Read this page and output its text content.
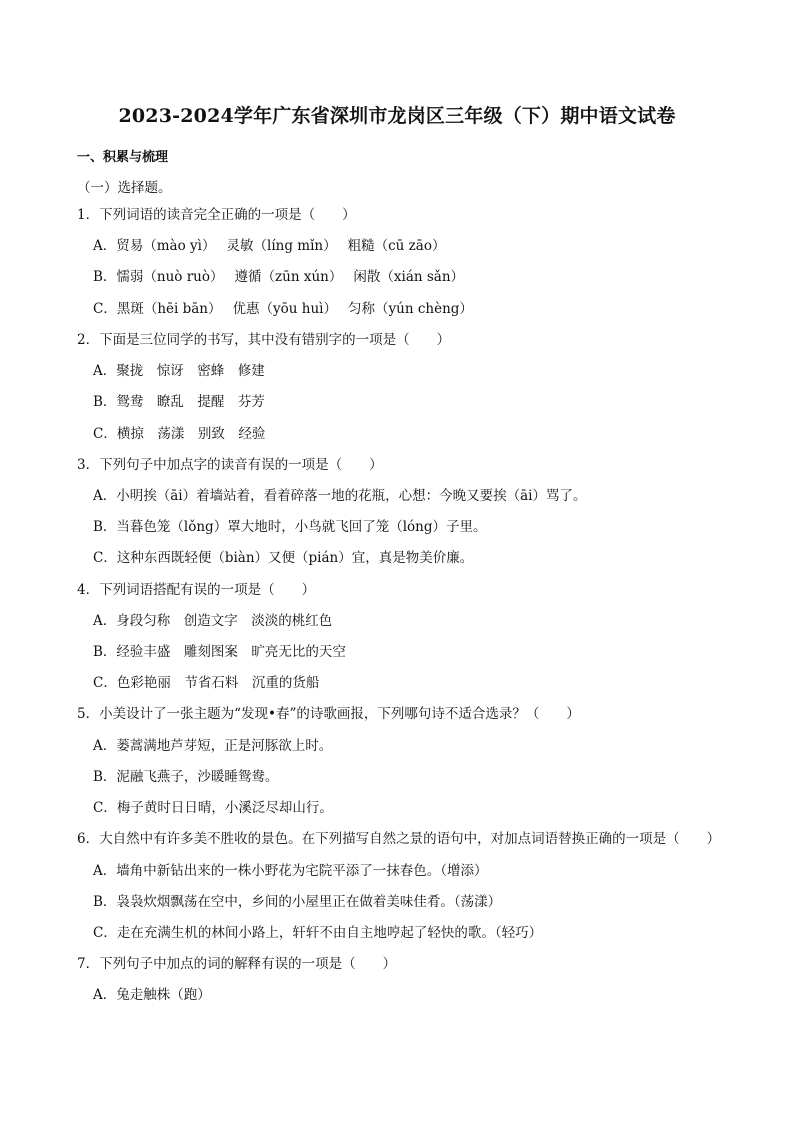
2023-2024学年广东省深圳市龙岗区三年级（下）期中语文试卷
一、积累与梳理
（一）选择题。
1．下列词语的读音完全正确的一项是（　　）
A．贸易（mào yì）　 灵敏（líng mǐn）　 粗糙（cū zāo）
B．懦弱（nuò ruò）　 遵循（zūn xún）　 闲散（xián sǎn）
C．黑斑（hēi bān）　 优惠（yōu huì）　 匀称（yún chèng）
2．下面是三位同学的书写，其中没有错别字的一项是（　　）
A．聚拢　惊讶　密蜂　修建
B．鸳鸯　瞭乱　提醒　芬芳
C．横掠　荡漾　别致　经验
3．下列句子中加点字的读音有误的一项是（　　）
A．小明挨（āi）着墙站着，看着碎落一地的花瓶，心想：今晚又要挨（āi）骂了。
B．当暮色笼（lǒng）罩大地时，小鸟就飞回了笼（lóng）子里。
C．这种东西既轻便（biàn）又便（pián）宜，真是物美价廉。
4．下列词语搭配有误的一项是（　　）
A．身段匀称　创造文字　淡淡的桃红色
B．经验丰盛　雕刻图案　旷亮无比的天空
C．色彩艳丽　节省石料　沉重的货船
5．小美设计了一张主题为“发现•春”的诗歌画报，下列哪句诗不适合选录？（　　）
A．蒌蒿满地芦芽短，正是河豚欲上时。
B．泥融飞燕子，沙暖睡鸳鸯。
C．梅子黄时日日晴，小溪泛尽却山行。
6．大自然中有许多美不胜收的景色。在下列描写自然之景的语句中，对加点词语替换正确的一项是（　　）
A．墙角中新钻出来的一株小野花为宅院平添了一抹春色。（增添）
B．袅袅炊烟飘荡在空中，乡间的小屋里正在做着美味佳肴。（荡漾）
C．走在充满生机的林间小路上，轩轩不由自主地哼起了轻快的歌。（轻巧）
7．下列句子中加点的词的解释有误的一项是（　　）
A．兔走触株（跑）
